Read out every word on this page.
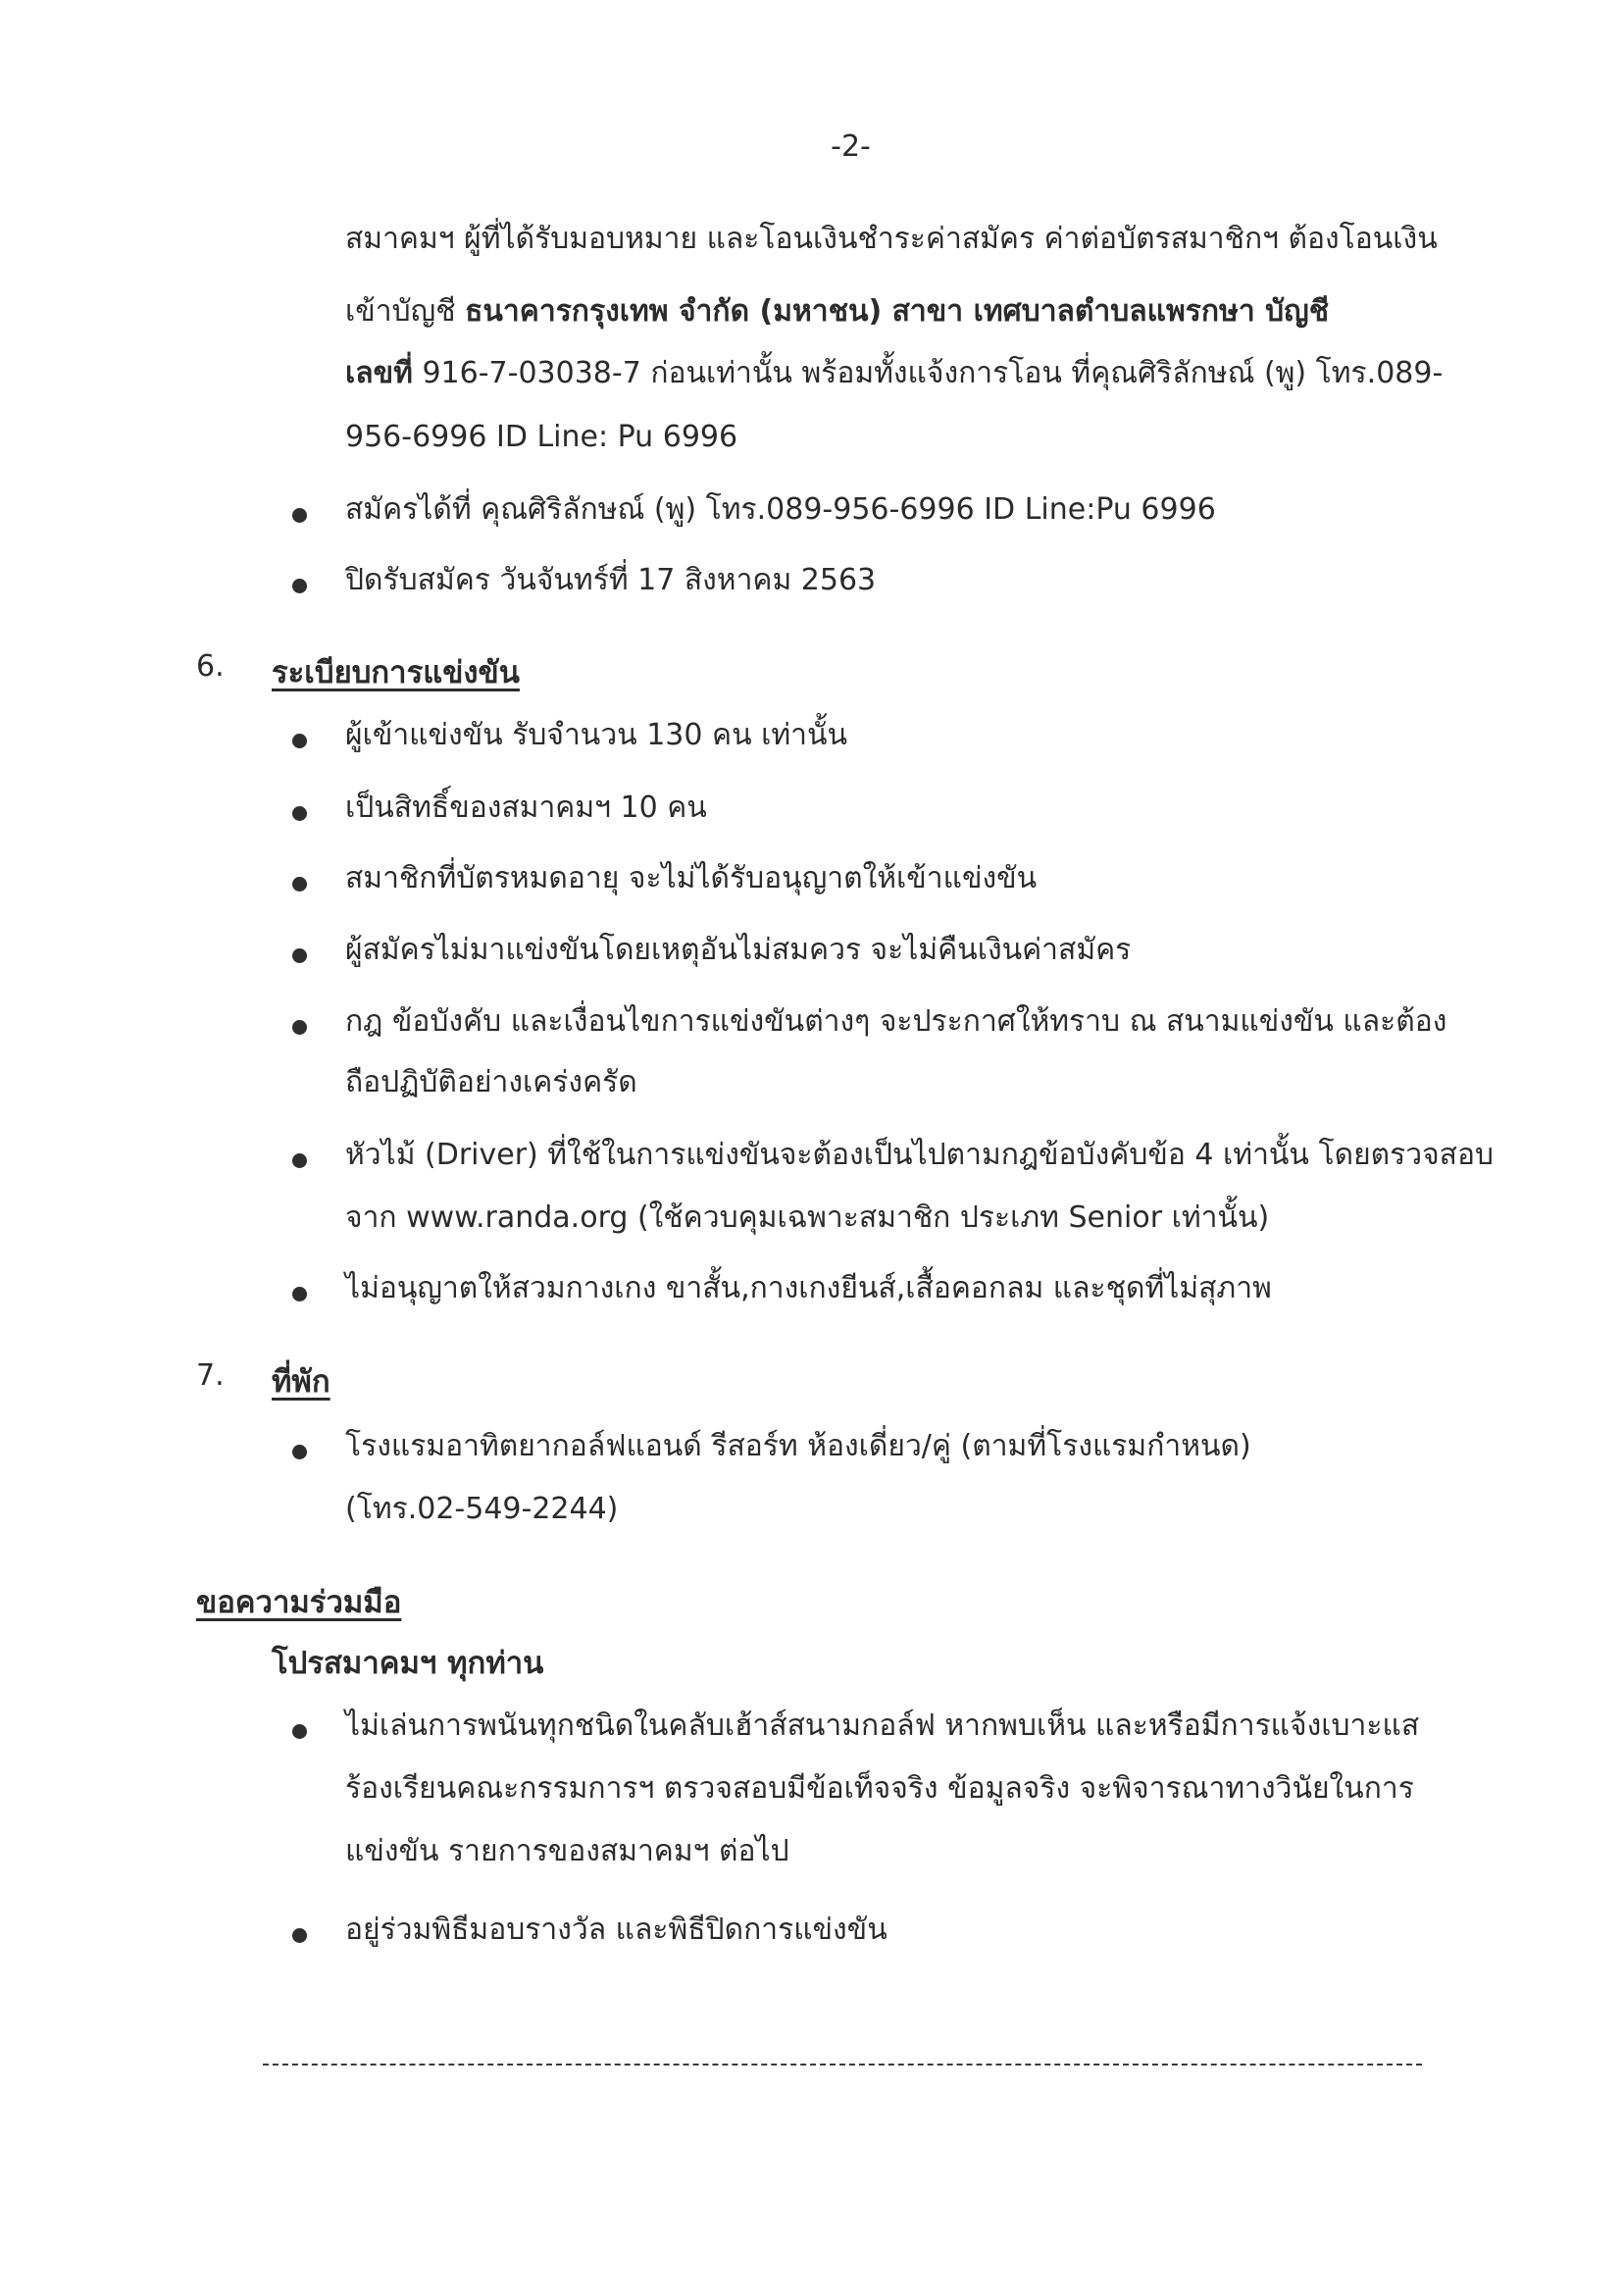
-2-
สมาคมฯ ผู้ที่ได้รับมอบหมาย และโอนเงินชำระค่าสมัคร ค่าต่อบัตรสมาชิกฯ ต้องโอนเงิน
เข้าบัญชี ธนาคารกรุงเทพ จำกัด (มหาชน) สาขา เทศบาลตำบลแพรกษา บัญชี
เลขที่ 916-7-03038-7 ก่อนเท่านั้น พร้อมทั้งแจ้งการโอน ที่คุณศิริลักษณ์ (พู) โทร.089-
956-6996 ID Line: Pu 6996
สมัครได้ที่ คุณศิริลักษณ์ (พู) โทร.089-956-6996 ID Line:Pu 6996
ปิดรับสมัคร วันจันทร์ที่ 17 สิงหาคม 2563
6. ระเบียบการแข่งขัน
ผู้เข้าแข่งขัน รับจำนวน 130 คน เท่านั้น
เป็นสิทธิ์ของสมาคมฯ 10 คน
สมาชิกที่บัตรหมดอายุ จะไม่ได้รับอนุญาตให้เข้าแข่งขัน
ผู้สมัครไม่มาแข่งขันโดยเหตุอันไม่สมควร จะไม่คืนเงินค่าสมัคร
กฎ ข้อบังคับ และเงื่อนไขการแข่งขันต่างๆ จะประกาศให้ทราบ ณ สนามแข่งขัน และต้อง
ถือปฏิบัติอย่างเคร่งครัด
หัวไม้ (Driver) ที่ใช้ในการแข่งขันจะต้องเป็นไปตามกฎข้อบังคับข้อ 4 เท่านั้น โดยตรวจสอบ
จาก www.randa.org (ใช้ควบคุมเฉพาะสมาชิก ประเภท Senior เท่านั้น)
ไม่อนุญาตให้สวมกางเกง ขาสั้น,กางเกงยีนส์,เสื้อคอกลม และชุดที่ไม่สุภาพ
7. ที่พัก
โรงแรมอาทิตยากอล์ฟแอนด์ รีสอร์ท ห้องเดี่ยว/คู่ (ตามที่โรงแรมกำหนด)
(โทร.02-549-2244)
ขอความร่วมมือ
โปรสมาคมฯ ทุกท่าน
ไม่เล่นการพนันทุกชนิดในคลับเฮ้าส์สนามกอล์ฟ หากพบเห็น และหรือมีการแจ้งเบาะแส
ร้องเรียนคณะกรรมการฯ ตรวจสอบมีข้อเท็จจริง ข้อมูลจริง จะพิจารณาทางวินัยในการ
แข่งขัน รายการของสมาคมฯ ต่อไป
อยู่ร่วมพิธีมอบรางวัล และพิธีปิดการแข่งขัน
